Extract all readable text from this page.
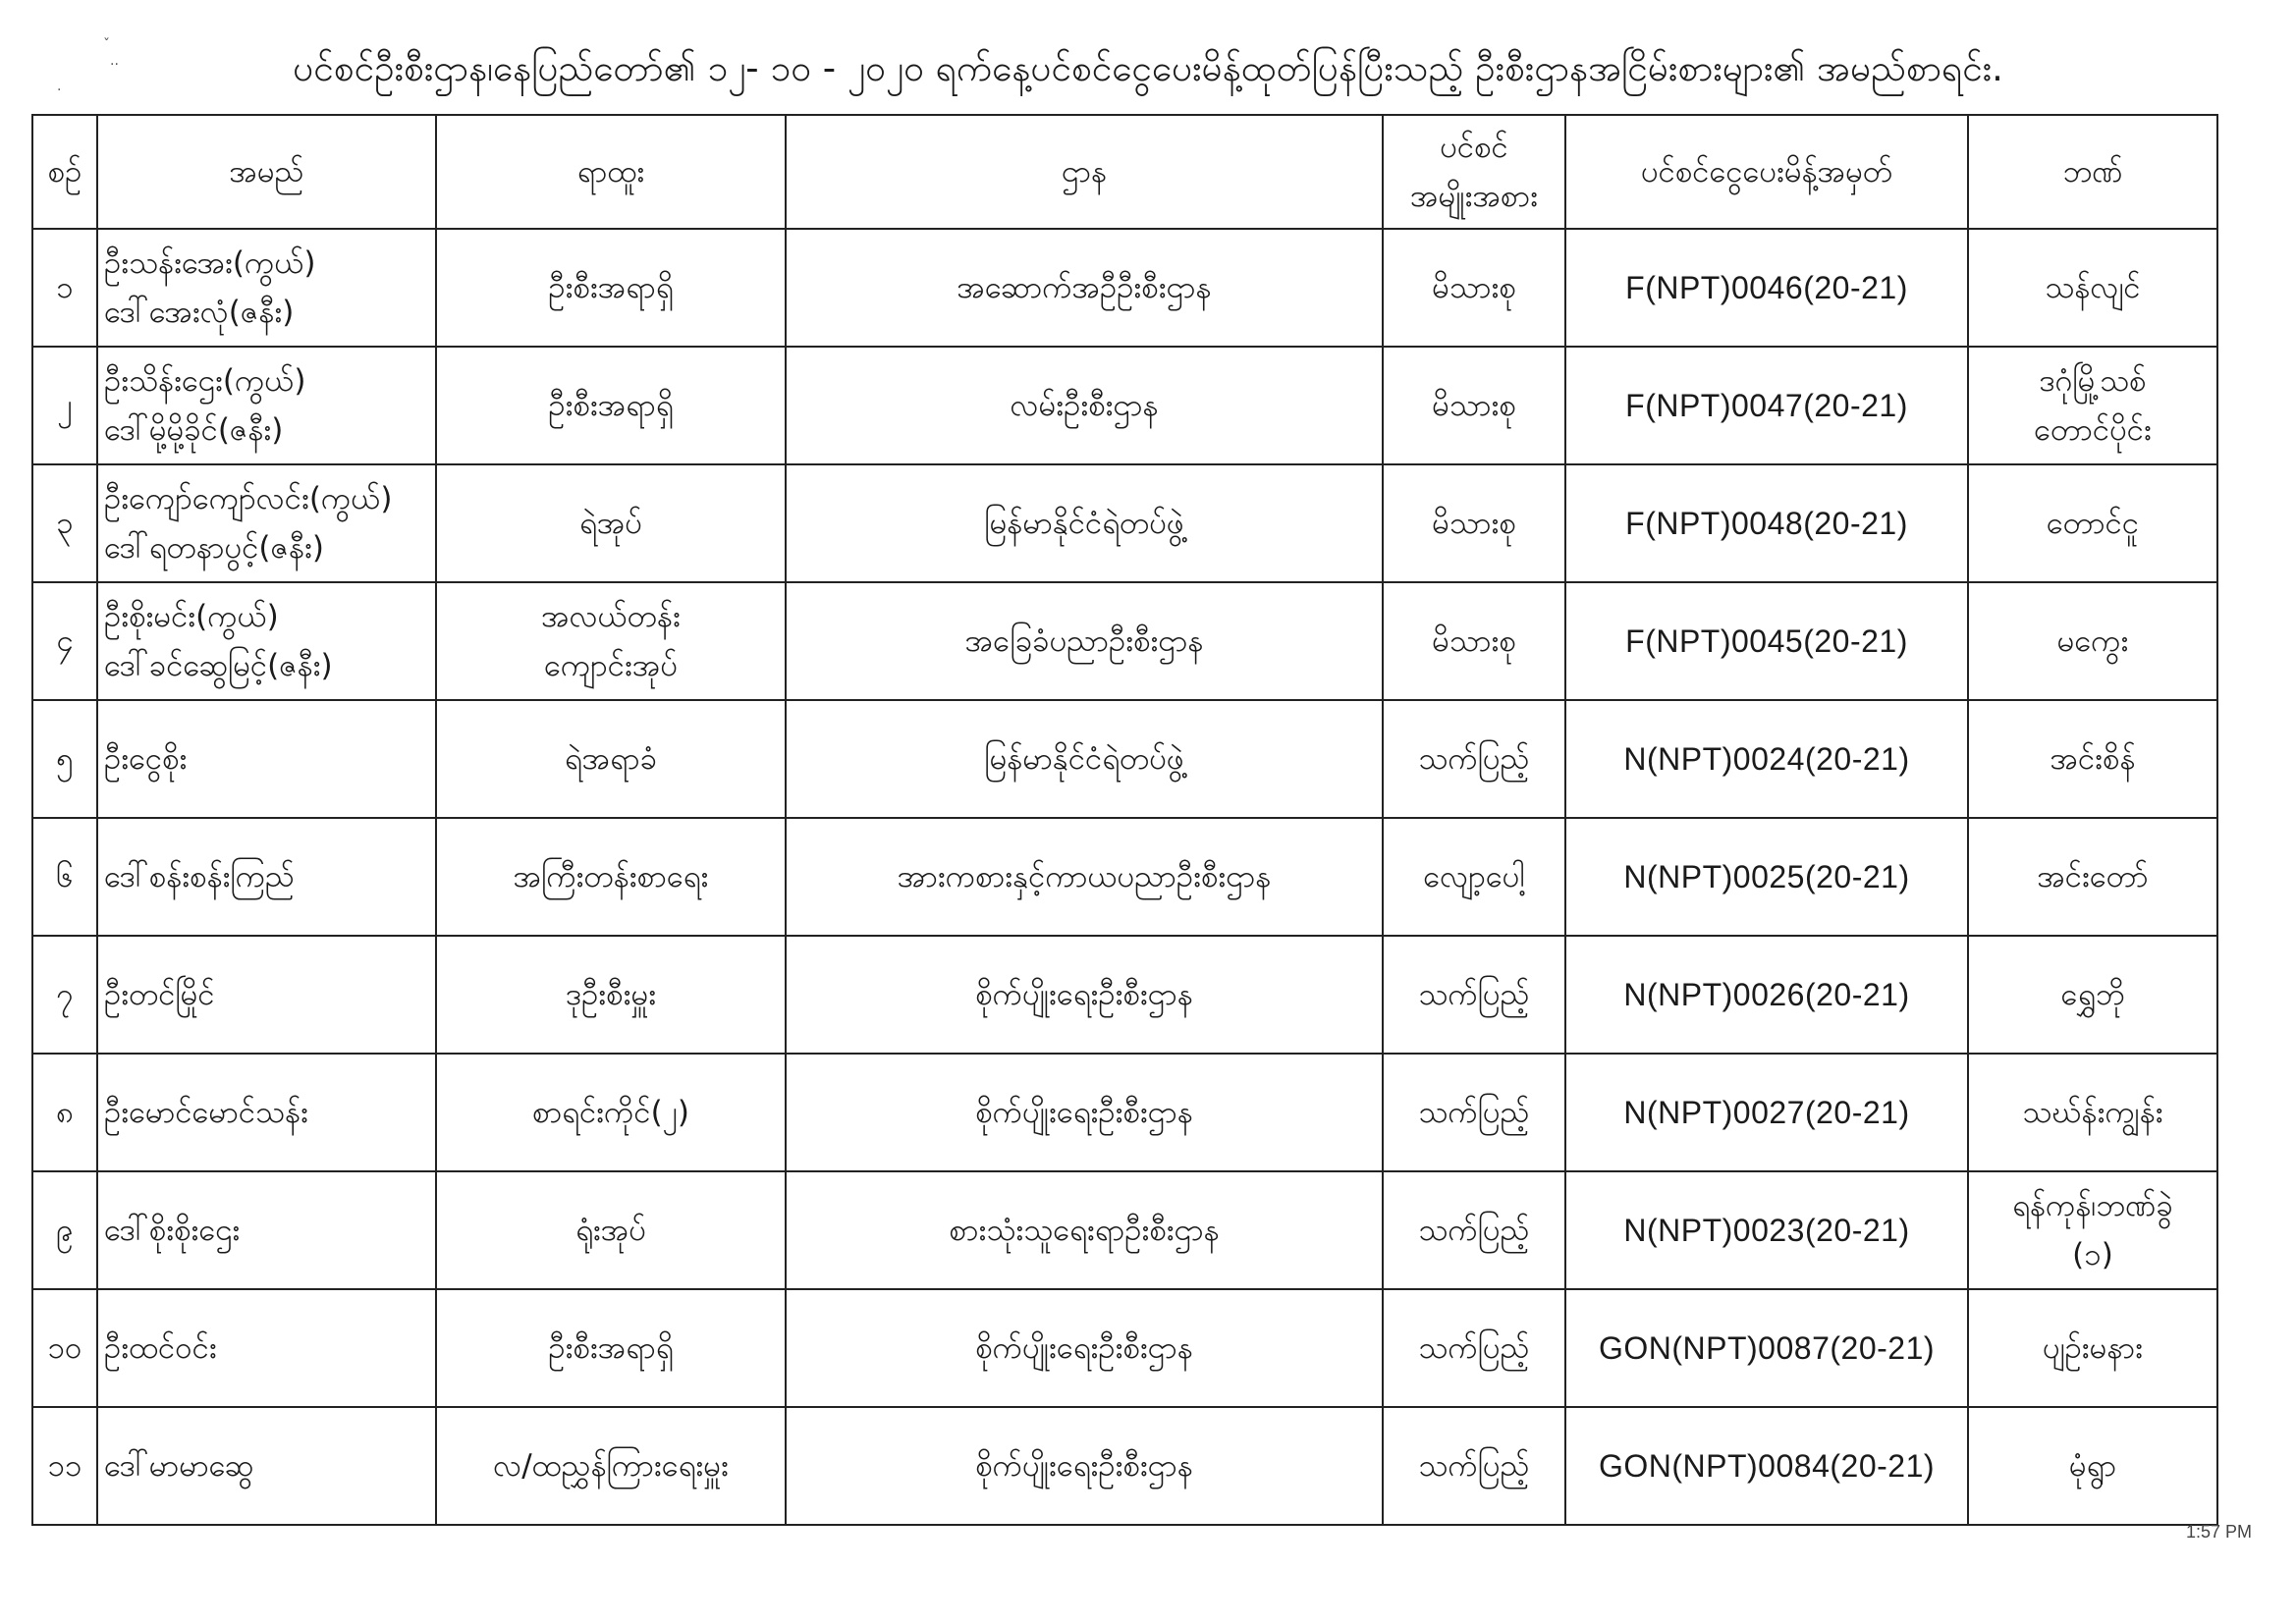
ˇ
··
·
ပင်စင်ဦးစီးဌာန၊နေပြည်တော်၏ ၁၂- ၁၀ - ၂၀၂၀ ရက်နေ့ပင်စင်ငွေပေးမိန့်ထုတ်ပြန်ပြီးသည့် ဦးစီးဌာနအငြိမ်းစားများ၏ အမည်စာရင်း.
စဉ်	အမည်	ရာထူး	ဌာန	ပင်စင်
အမျိုးအစား	ပင်စင်ငွေပေးမိန့်အမှတ်	ဘဏ်

၁	ဦးသန်းအေး(ကွယ်)
ဒေါ်အေးလုံ(ဇနီး)	ဦးစီးအရာရှိ	အဆောက်အဦဦးစီးဌာန	မိသားစု	F(NPT)0046(20-21)	သန်လျင်

၂	ဦးသိန်းဌေး(ကွယ်)
ဒေါ်မို့မို့ခိုင်(ဇနီး)	ဦးစီးအရာရှိ	လမ်းဦးစီးဌာန	မိသားစု	F(NPT)0047(20-21)	ဒဂုံမြို့သစ်
တောင်ပိုင်း

၃	ဦးကျော်ကျော်လင်း(ကွယ်)
ဒေါ်ရတနာပွင့်(ဇနီး)	ရဲအုပ်	မြန်မာနိုင်ငံရဲတပ်ဖွဲ့	မိသားစု	F(NPT)0048(20-21)	တောင်ငူ

၄	ဦးစိုးမင်း(ကွယ်)
ဒေါ်ခင်ဆွေမြင့်(ဇနီး)	အလယ်တန်း
ကျောင်းအုပ်	အခြေခံပညာဦးစီးဌာန	မိသားစု	F(NPT)0045(20-21)	မကွေး

၅	ဦးငွေစိုး	ရဲအရာခံ	မြန်မာနိုင်ငံရဲတပ်ဖွဲ့	သက်ပြည့်	N(NPT)0024(20-21)	အင်းစိန်

၆	ဒေါ်စန်းစန်းကြည်	အကြီးတန်းစာရေး	အားကစားနှင့်ကာယပညာဦးစီးဌာန	လျော့ပေါ့	N(NPT)0025(20-21)	အင်းတော်

၇	ဦးတင်မြိုင်	ဒုဦးစီးမှူး	စိုက်ပျိုးရေးဦးစီးဌာန	သက်ပြည့်	N(NPT)0026(20-21)	ရွှေဘို

၈	ဦးမောင်မောင်သန်း	စာရင်းကိုင်(၂)	စိုက်ပျိုးရေးဦးစီးဌာန	သက်ပြည့်	N(NPT)0027(20-21)	သဃ်န်းကျွန်း

၉	ဒေါ်စိုးစိုးဌေး	ရုံးအုပ်	စားသုံးသူရေးရာဦးစီးဌာန	သက်ပြည့်	N(NPT)0023(20-21)	ရန်ကုန်၊ဘဏ်ခွဲ
(၁)

၁၀	ဦးထင်ဝင်း	ဦးစီးအရာရှိ	စိုက်ပျိုးရေးဦးစီးဌာန	သက်ပြည့်	GON(NPT)0087(20-21)	ပျဉ်းမနား

၁၁	ဒေါ်မာမာဆွေ	လ/ထညွှန်ကြားရေးမှူး	စိုက်ပျိုးရေးဦးစီးဌာန	သက်ပြည့်	GON(NPT)0084(20-21)	မုံရွာ
1:57 PM
